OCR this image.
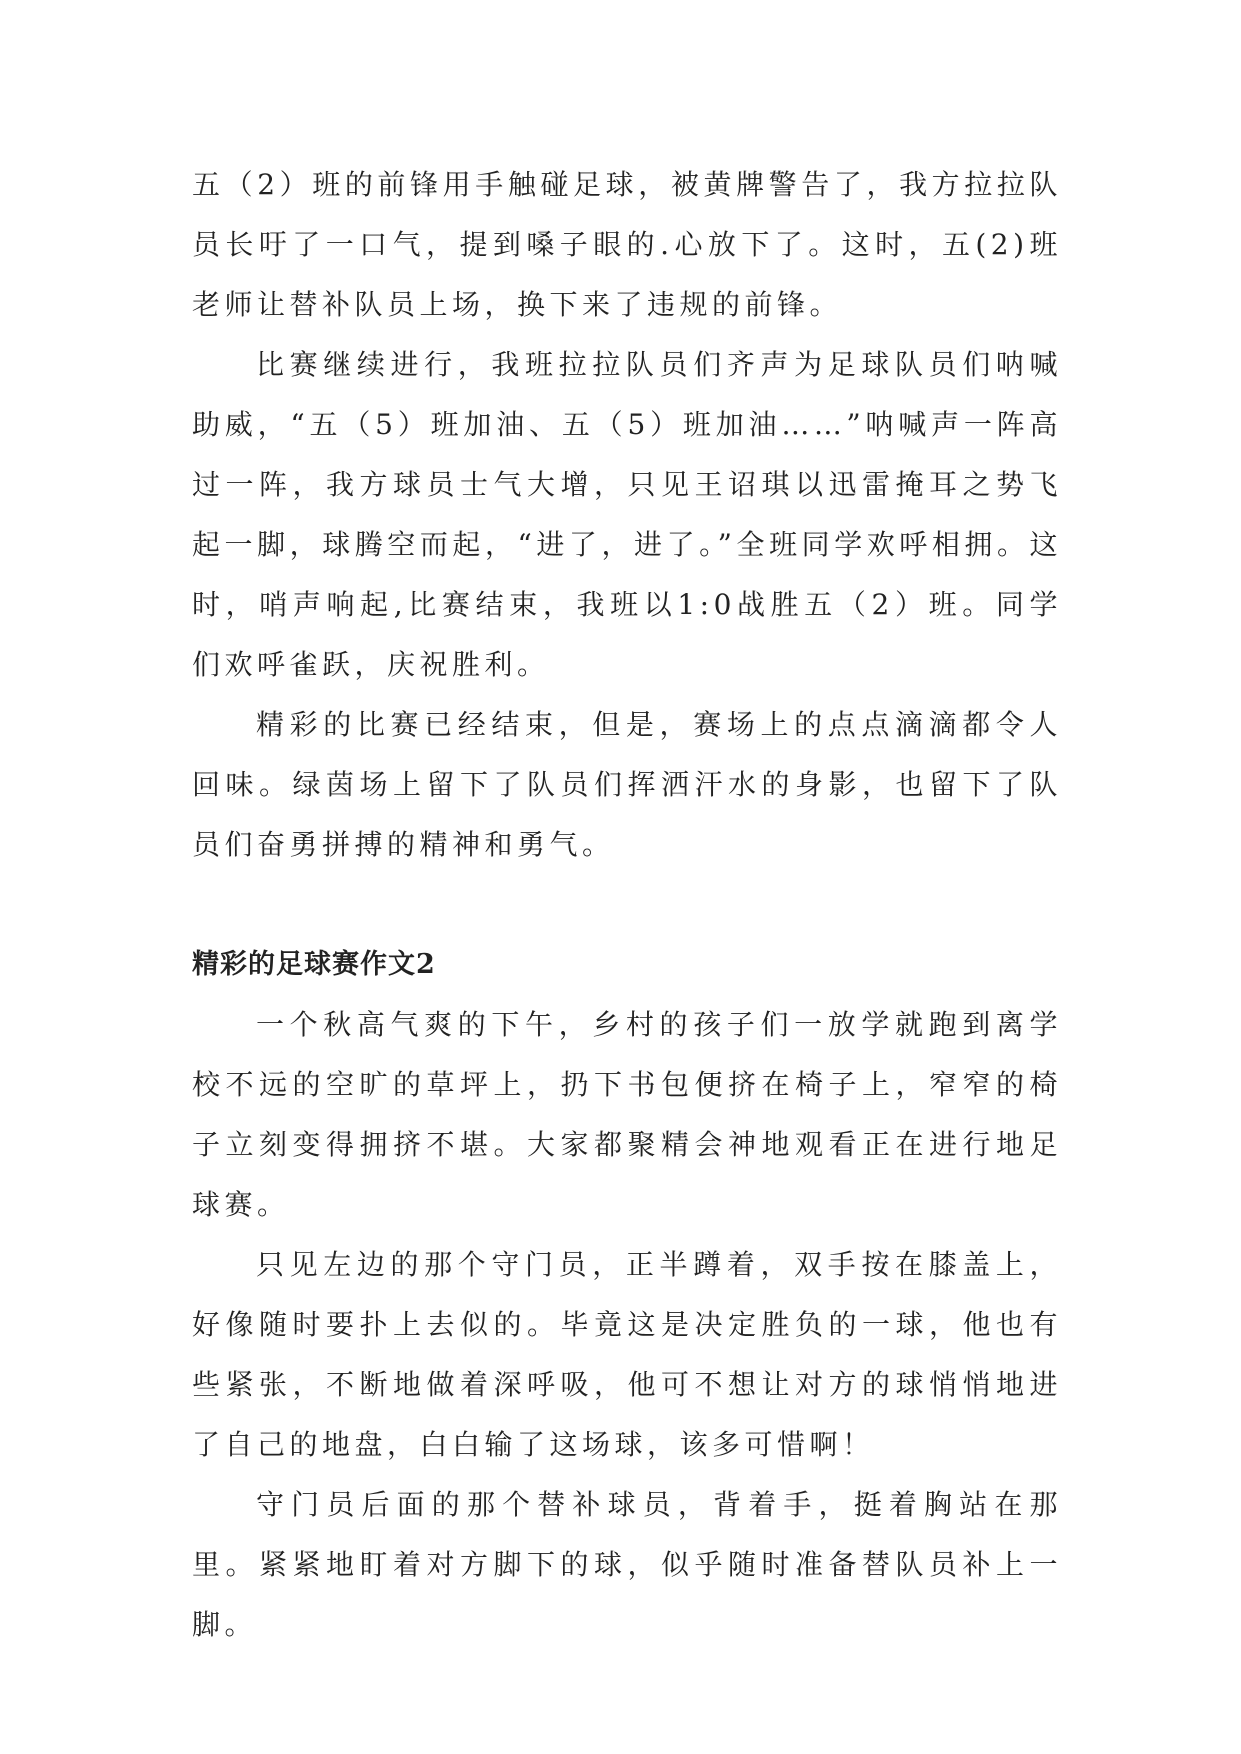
五（2）班的前锋用手触碰足球，被黄牌警告了，我方拉拉队员长吁了一口气，提到嗓子眼的.心放下了。这时，五(2)班老师让替补队员上场，换下来了违规的前锋。

比赛继续进行，我班拉拉队员们齐声为足球队员们呐喊助威，“五（5）班加油、五（5）班加油……”呐喊声一阵高过一阵，我方球员士气大增，只见王诏琪以迅雷掩耳之势飞起一脚，球腾空而起，“进了，进了。”全班同学欢呼相拥。这时，哨声响起,比赛结束，我班以1:0战胜五（2）班。同学们欢呼雀跃，庆祝胜利。

精彩的比赛已经结束，但是，赛场上的点点滴滴都令人回味。绿茵场上留下了队员们挥洒汗水的身影，也留下了队员们奋勇拼搏的精神和勇气。

精彩的足球赛作文2

一个秋高气爽的下午，乡村的孩子们一放学就跑到离学校不远的空旷的草坪上，扔下书包便挤在椅子上，窄窄的椅子立刻变得拥挤不堪。大家都聚精会神地观看正在进行地足球赛。

只见左边的那个守门员，正半蹲着，双手按在膝盖上，好像随时要扑上去似的。毕竟这是决定胜负的一球，他也有些紧张，不断地做着深呼吸，他可不想让对方的球悄悄地进了自己的地盘，白白输了这场球，该多可惜啊！

守门员后面的那个替补球员，背着手，挺着胸站在那里。紧紧地盯着对方脚下的球，似乎随时准备替队员补上一脚。
